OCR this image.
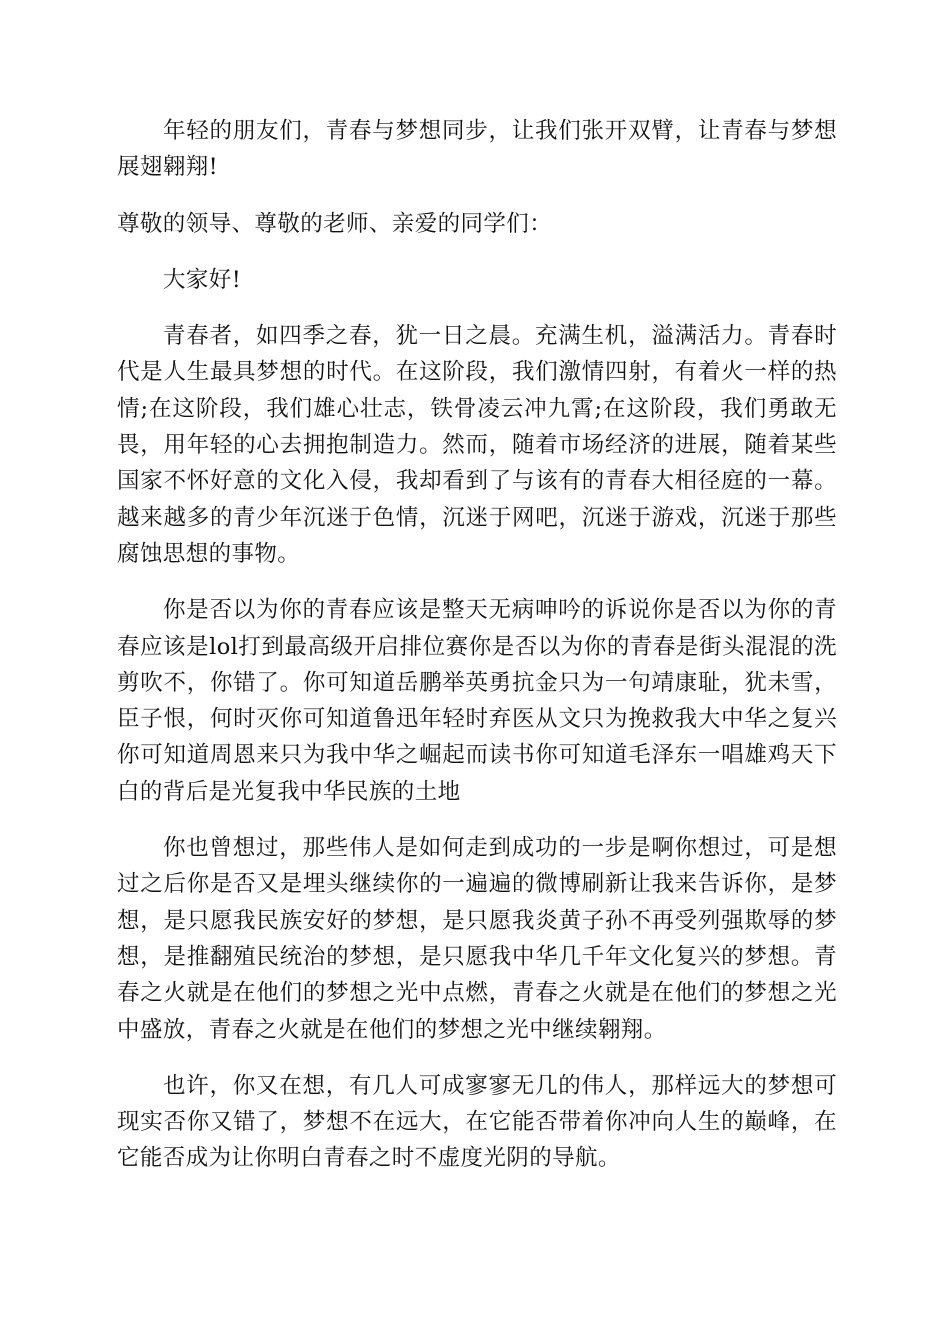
年轻的朋友们，青春与梦想同步，让我们张开双臂，让青春与梦想展翅翱翔!

尊敬的领导、尊敬的老师、亲爱的同学们：

大家好!

青春者，如四季之春，犹一日之晨。充满生机，溢满活力。青春时代是人生最具梦想的时代。在这阶段，我们激情四射，有着火一样的热情;在这阶段，我们雄心壮志，铁骨凌云冲九霄;在这阶段，我们勇敢无畏，用年轻的心去拥抱制造力。然而，随着市场经济的进展，随着某些国家不怀好意的文化入侵，我却看到了与该有的青春大相径庭的一幕。越来越多的青少年沉迷于色情，沉迷于网吧，沉迷于游戏，沉迷于那些腐蚀思想的事物。

你是否以为你的青春应该是整天无病呻吟的诉说你是否以为你的青春应该是lol打到最高级开启排位赛你是否以为你的青春是街头混混的洗剪吹不，你错了。你可知道岳鹏举英勇抗金只为一句靖康耻，犹未雪，臣子恨，何时灭你可知道鲁迅年轻时弃医从文只为挽救我大中华之复兴你可知道周恩来只为我中华之崛起而读书你可知道毛泽东一唱雄鸡天下白的背后是光复我中华民族的土地

你也曾想过，那些伟人是如何走到成功的一步是啊你想过，可是想过之后你是否又是埋头继续你的一遍遍的微博刷新让我来告诉你，是梦想，是只愿我民族安好的梦想，是只愿我炎黄子孙不再受列强欺辱的梦想，是推翻殖民统治的梦想，是只愿我中华几千年文化复兴的梦想。青春之火就是在他们的梦想之光中点燃，青春之火就是在他们的梦想之光中盛放，青春之火就是在他们的梦想之光中继续翱翔。

也许，你又在想，有几人可成寥寥无几的伟人，那样远大的梦想可现实否你又错了，梦想不在远大，在它能否带着你冲向人生的巅峰，在它能否成为让你明白青春之时不虚度光阴的导航。
